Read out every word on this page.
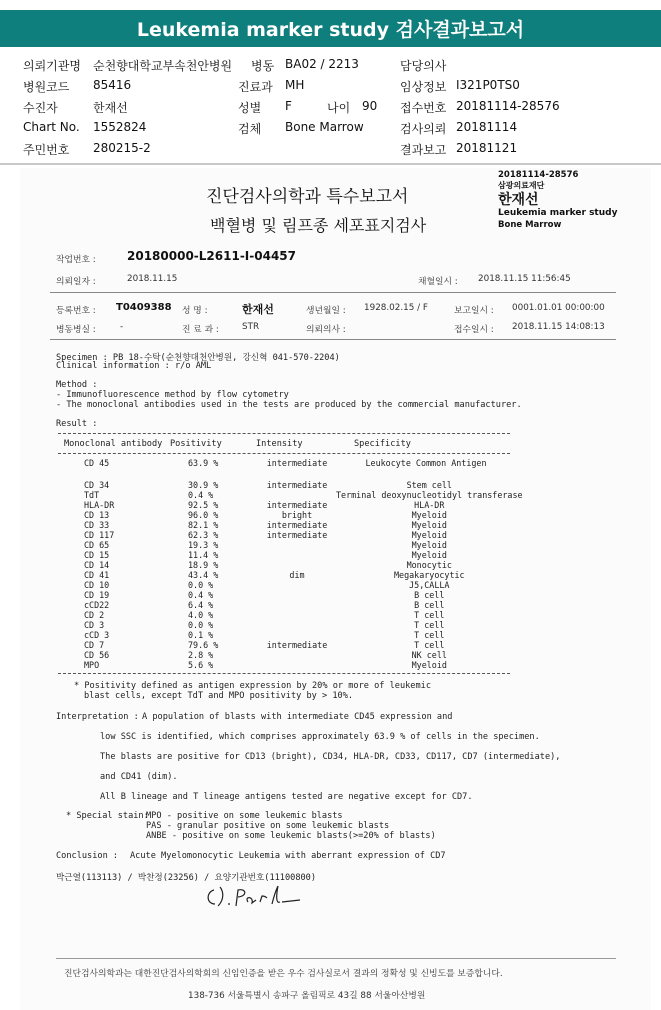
Leukemia marker study 검사결과보고서
의뢰기관명 순천향대학교부속천안병원 병동 BA02 / 2213	담당의사
병원코드 85416	진료과 MH	임상정보 I321P0TS0
수진자	한재선	성별 F	나이 90 접수번호 20181114-28576
Chart No. 1552824	검체 Bone Marrow	검사의뢰 20181114
주민번호 280215-2	결과보고 20181121
20181114-28576
삼광의료재단
한재선
Leukemia marker study
Bone Marrow
진단검사의학과 특수보고서
백혈병 및 림프종 세포표지검사
작업번호 :	20180000-L2611-I-04457
의뢰일자 :	2018.11.15	채혈일시 : 2018.11.15 11:56:45
등록번호 : T0409388 성 명 :	한재선	생년월일 : 1928.02.15 / F	보고일시 : 0001.01.01 00:00:00
병동병실 :	-	진 료 과 :	STR	의뢰의사 :	접수일시 : 2018.11.15 14:08:13
Specimen : PB 18-수탁(순천향대천안병원, 강신혁 041-570-2204)
Clinical information : r/o AML
Method :
- Immunofluorescence method by flow cytometry
- The monoclonal antibodies used in the tests are produced by the commercial manufacturer.
Result :
Monoclonal antibody Positivity	Intensity	Specificity
CD 45	63.9 %	intermediate	Leukocyte Common Antigen
CD 34	30.9 %	intermediate	Stem cell
TdT	0.4 %		Terminal deoxynucleotidyl transferase
HLA-DR	92.5 %	intermediate	HLA-DR
CD 13	96.0 %	bright	Myeloid
CD 33	82.1 %	intermediate	Myeloid
CD 117	62.3 %	intermediate	Myeloid
CD 65	19.3 %		Myeloid
CD 15	11.4 %		Myeloid
CD 14	18.9 %		Monocytic
CD 41	43.4 %	dim	Megakaryocytic
CD 10	0.0 %		J5,CALLA
CD 19	0.4 %		B cell
cCD22	6.4 %		B cell
CD 2	4.0 %		T cell
CD 3	0.0 %		T cell
cCD 3	0.1 %		T cell
CD 7	79.6 %	intermediate	T cell
CD 56	2.8 %		NK cell
MPO	5.6 %		Myeloid
* Positivity defined as antigen expression by 20% or more of leukemic
blast cells, except TdT and MPO positivity by > 10%.
Interpretation : A population of blasts with intermediate CD45 expression and
low SSC is identified, which comprises approximately 63.9 % of cells in the specimen.
The blasts are positive for CD13 (bright), CD34, HLA-DR, CD33, CD117, CD7 (intermediate),
and CD41 (dim).
All B lineage and T lineage antigens tested are negative except for CD7.
* Special stain:
MPO - positive on some leukemic blasts
PAS - granular positive on some leukemic blasts
ANBE - positive on some leukemic blasts(>=20% of blasts)
Conclusion : Acute Myelomonocytic Leukemia with aberrant expression of CD7
박근열(113113) / 박찬정(23256) / 요양기관번호(11100800)
진단검사의학과는 대한진단검사의학회의 신임인증을 받은 우수 검사실로서 결과의 정확성 및 신빙도를 보증합니다.
138-736 서울특별시 송파구 올림픽로 43길 88 서울아산병원
